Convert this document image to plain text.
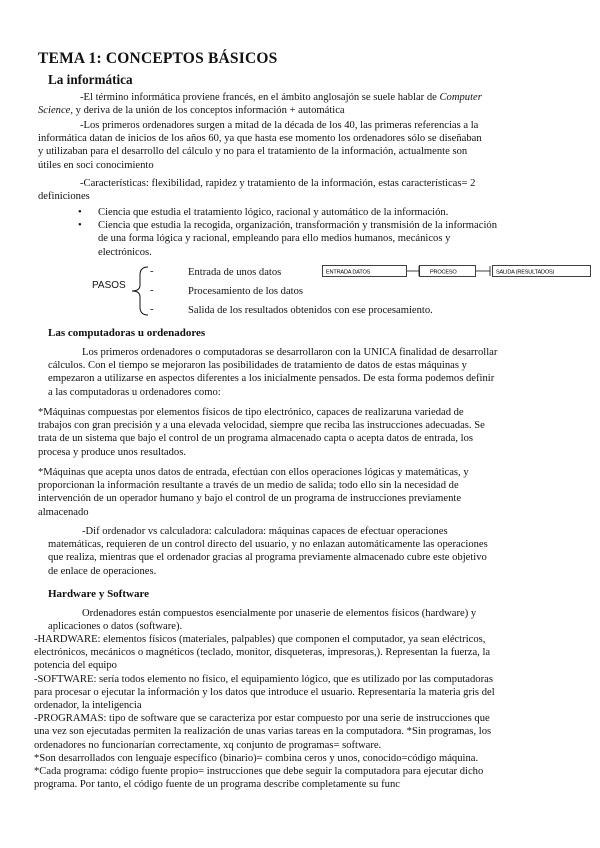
TEMA 1: CONCEPTOS BÁSICOS
La informática
-El término informática proviene francés, en el ámbito anglosajón se suele hablar de Computer
Science, y deriva de la unión de los conceptos información + automática
-Los primeros ordenadores surgen a mitad de la década de los 40, las primeras referencias a la
informática datan de inicios de los años 60, ya que hasta ese momento los ordenadores sólo se diseñaban
y utilizaban para el desarrollo del cálculo y no para el tratamiento de la información, actualmente son
útiles en soci conocimiento
-Características: flexibilidad, rapidez y tratamiento de la información, estas características= 2
definiciones
• Ciencia que estudia el tratamiento lógico, racional y automático de la información.
• Ciencia que estudia la recogida, organización, transformación y transmisión de la información
de una forma lógica y racional, empleando para ello medios humanos, mecánicos y
electrónicos.
PASOS
-
-
-
Entrada de unos datos
Procesamiento de los datos
Salida de los resultados obtenidos con ese procesamiento.
ENTRADA DATOS	PROCESO	SALIDA (RESULTADOS)
Las computadoras u ordenadores
Los primeros ordenadores o computadoras se desarrollaron con la UNICA finalidad de desarrollar
cálculos. Con el tiempo se mejoraron las posibilidades de tratamiento de datos de estas máquinas y
empezaron a utilizarse en aspectos diferentes a los inicialmente pensados. De esta forma podemos definir
a las computadoras u ordenadores como:
*Máquinas compuestas por elementos físicos de tipo electrónico, capaces de realizaruna variedad de
trabajos con gran precisión y a una elevada velocidad, siempre que reciba las instrucciones adecuadas. Se
trata de un sistema que bajo el control de un programa almacenado capta o acepta datos de entrada, los
procesa y produce unos resultados.
*Máquinas que acepta unos datos de entrada, efectúan con ellos operaciones lógicas y matemáticas, y
proporcionan la información resultante a través de un medio de salida; todo ello sin la necesidad de
intervención de un operador humano y bajo el control de un programa de instrucciones previamente
almacenado
-Dif ordenador vs calculadora: calculadora: máquinas capaces de efectuar operaciones
matemáticas, requieren de un control directo del usuario, y no enlazan automáticamente las operaciones
que realiza, mientras que el ordenador gracias al programa previamente almacenado cubre este objetivo
de enlace de operaciones.
Hardware y Software
Ordenadores están compuestos esencialmente por unaserie de elementos físicos (hardware) y
aplicaciones o datos (software).
-HARDWARE: elementos físicos (materiales, palpables) que componen el computador, ya sean eléctricos,
electrónicos, mecánicos o magnéticos (teclado, monitor, disqueteras, impresoras,). Representan la fuerza, la
potencia del equipo
-SOFTWARE: sería todos elemento no físico, el equipamiento lógico, que es utilizado por las computadoras
para procesar o ejecutar la información y los datos que introduce el usuario. Representaría la materia gris del
ordenador, la inteligencia
-PROGRAMAS: tipo de software que se caracteriza por estar compuesto por una serie de instrucciones que
una vez son ejecutadas permiten la realización de unas varias tareas en la computadora. *Sin programas, los
ordenadores no funcionarían correctamente, xq conjunto de programas= software.
*Son desarrollados con lenguaje específico (binario)= combina ceros y unos, conocido=código máquina.
*Cada programa: código fuente propio= instrucciones que debe seguir la computadora para ejecutar dicho
programa. Por tanto, el código fuente de un programa describe completamente su func
